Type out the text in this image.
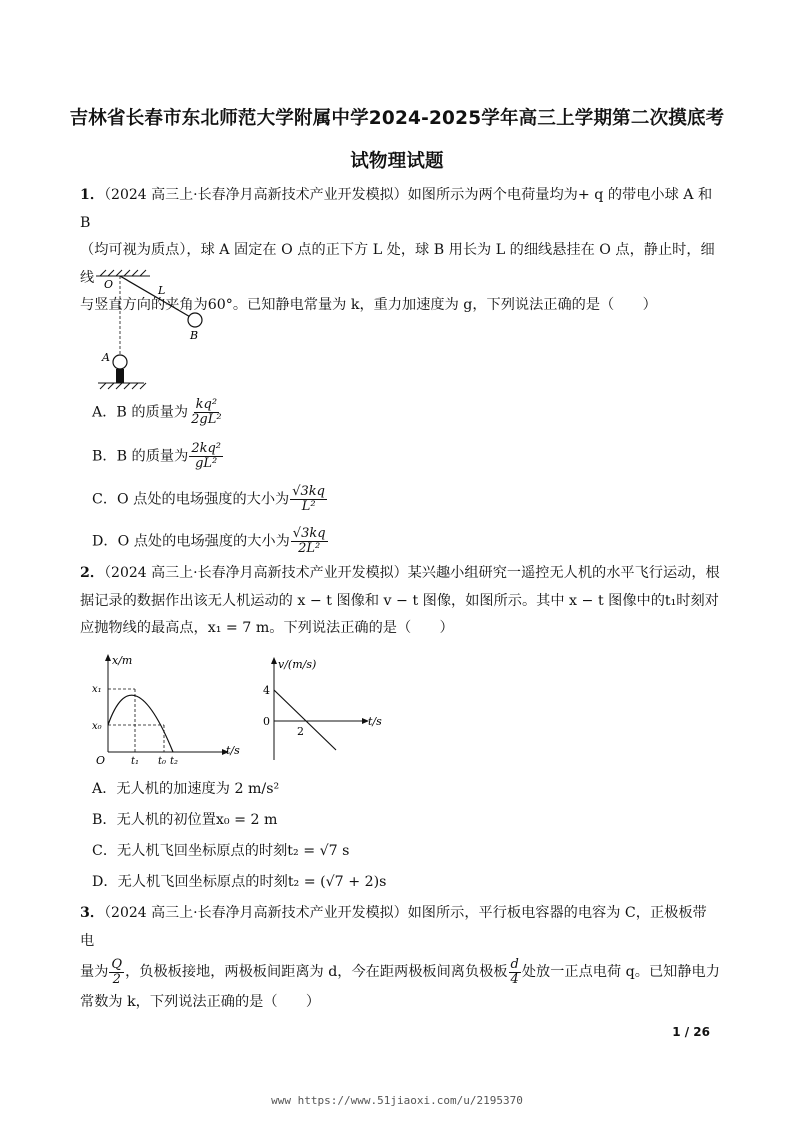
吉林省长春市东北师范大学附属中学2024-2025学年高三上学期第二次摸底考
试物理试题
1．（2024 高三上·长春净月高新技术产业开发模拟）如图所示为两个电荷量均为+ q 的带电小球 A 和 B
（均可视为质点），球 A 固定在 O 点的正下方 L 处，球 B 用长为 L 的细线悬挂在 O 点，静止时，细线
与竖直方向的夹角为60°。已知静电常量为 k，重力加速度为 g，下列说法正确的是（　　）
O	L
B
A
A．B 的质量为 $\frac{\text{kq²}}{\text{2gL²}}$
B．B 的质量为 $\frac{\text{2kq²}}{\text{gL²}}$
C．O 点处的电场强度的大小为 $\frac{√3kq}{\text{L²}}$
D．O 点处的电场强度的大小为 $\frac{√3kq}{\text{2L²}}$
2．（2024 高三上·长春净月高新技术产业开发模拟）某兴趣小组研究一遥控无人机的水平飞行运动，根
据记录的数据作出该无人机运动的 x − t 图像和 v − t 图像，如图所示。其中 x − t 图像中的t₁时刻对
应抛物线的最高点，x₁ = 7 m。下列说法正确的是（　　）
x/m
t/s
O
x₁
x₀
t₁ t₀ t₂
v/(m/s)
t/s
4
0
2
A．无人机的加速度为 2 m/s²
B．无人机的初位置x₀ = 2 m
C．无人机飞回坐标原点的时刻t₂ = √7 s
D．无人机飞回坐标原点的时刻t₂ = (√7 + 2)s
3．（2024 高三上·长春净月高新技术产业开发模拟）如图所示，平行板电容器的电容为 C，正极板带电
量为 $\frac{Q}{2}$ ，负极板接地，两极板间距离为 d，今在距两极板间离负极板 $\frac{d}{4}$ 处放一正点电荷 q。已知静电力
常数为 k，下列说法正确的是（　　）
1 / 26
www https://www.51jiaoxi.com/u/2195370
